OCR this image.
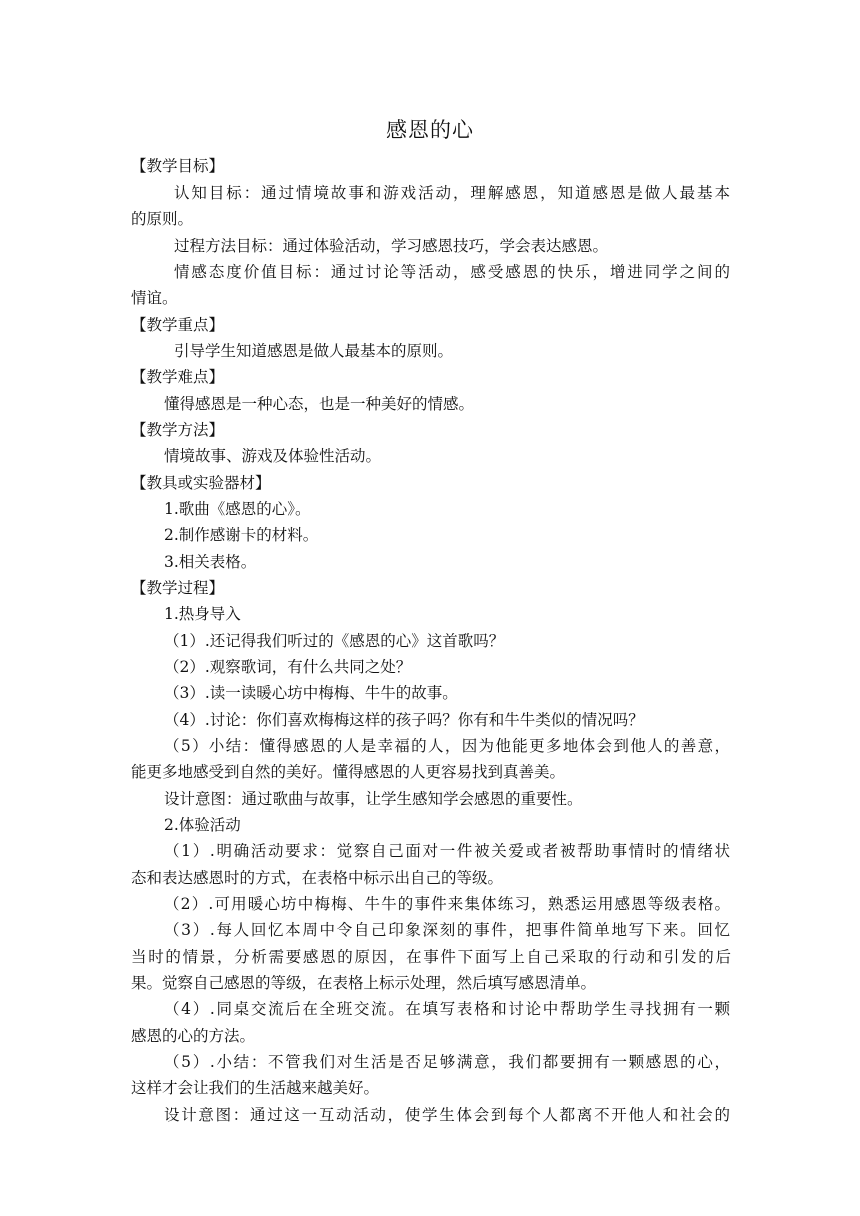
感恩的心
【教学目标】
认知目标：通过情境故事和游戏活动，理解感恩，知道感恩是做人最基本
的原则。
过程方法目标：通过体验活动，学习感恩技巧，学会表达感恩。
情感态度价值目标：通过讨论等活动，感受感恩的快乐，增进同学之间的
情谊。
【教学重点】
引导学生知道感恩是做人最基本的原则。
【教学难点】
懂得感恩是一种心态，也是一种美好的情感。
【教学方法】
情境故事、游戏及体验性活动。
【教具或实验器材】
1.歌曲《感恩的心》。
2.制作感谢卡的材料。
3.相关表格。
【教学过程】
1.热身导入
（1）.还记得我们听过的《感恩的心》这首歌吗？
（2）.观察歌词，有什么共同之处？
（3）.读一读暖心坊中梅梅、牛牛的故事。
（4）.讨论：你们喜欢梅梅这样的孩子吗？你有和牛牛类似的情况吗？
（5）小结：懂得感恩的人是幸福的人，因为他能更多地体会到他人的善意，
能更多地感受到自然的美好。懂得感恩的人更容易找到真善美。
设计意图：通过歌曲与故事，让学生感知学会感恩的重要性。
2.体验活动
（1）.明确活动要求：觉察自己面对一件被关爱或者被帮助事情时的情绪状
态和表达感恩时的方式，在表格中标示出自己的等级。
（2）.可用暖心坊中梅梅、牛牛的事件来集体练习，熟悉运用感恩等级表格。
（3）.每人回忆本周中令自己印象深刻的事件，把事件简单地写下来。回忆
当时的情景，分析需要感恩的原因，在事件下面写上自己采取的行动和引发的后
果。觉察自己感恩的等级，在表格上标示处理，然后填写感恩清单。
（4）.同桌交流后在全班交流。在填写表格和讨论中帮助学生寻找拥有一颗
感恩的心的方法。
（5）.小结：不管我们对生活是否足够满意，我们都要拥有一颗感恩的心，
这样才会让我们的生活越来越美好。
设计意图：通过这一互动活动，使学生体会到每个人都离不开他人和社会的
